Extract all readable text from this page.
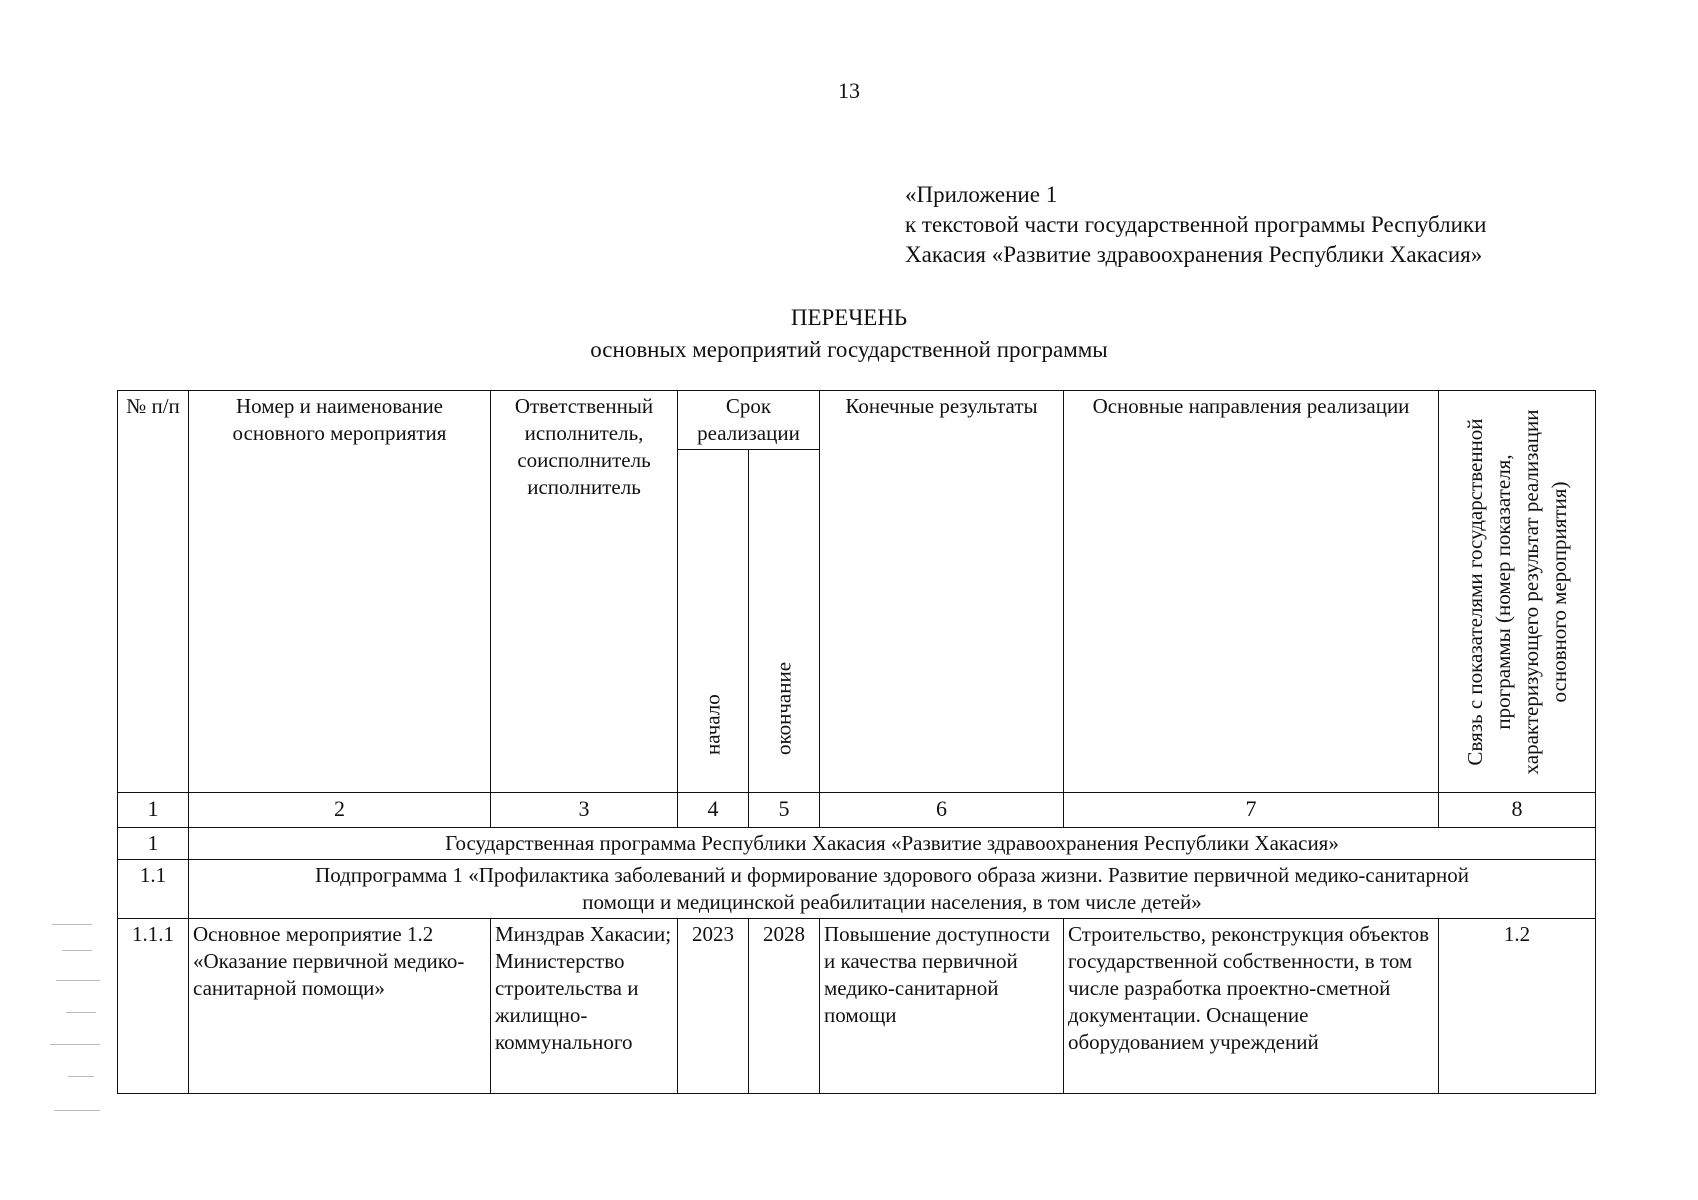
13
«Приложение 1
к текстовой части государственной программы Республики
Хакасия «Развитие здравоохранения Республики Хакасия»
ПЕРЕЧЕНЬ
основных мероприятий государственной программы
№ п/п	Номер и наименование основного мероприятия	Ответственный исполнитель, соисполнитель исполнитель	Срок реализации		Конечные результаты	Основные направления реализации	Связь с показателями государственной программы (номер показателя, характеризующего результат реализации основного мероприятия)

			начало	окончание			

1	2	3	4	5	6	7	8
1	Государственная программа Республики Хакасия «Развитие здравоохранения Республики Хакасия»						
1.1	Подпрограмма 1 «Профилактика заболеваний и формирование здорового образа жизни. Развитие первичной медико-санитарной помощи и медицинской реабилитации населения, в том числе детей»						
1.1.1	Основное мероприятие 1.2 «Оказание первичной медико-санитарной помощи»	Минздрав Хакасии; Министерство строительства и жилищно-коммунального	2023	2028	Повышение доступности и качества первичной медико-санитарной помощи	Строительство, реконструкция объектов государственной собственности, в том числе разработка проектно-сметной документации. Оснащение оборудованием учреждений	1.2
